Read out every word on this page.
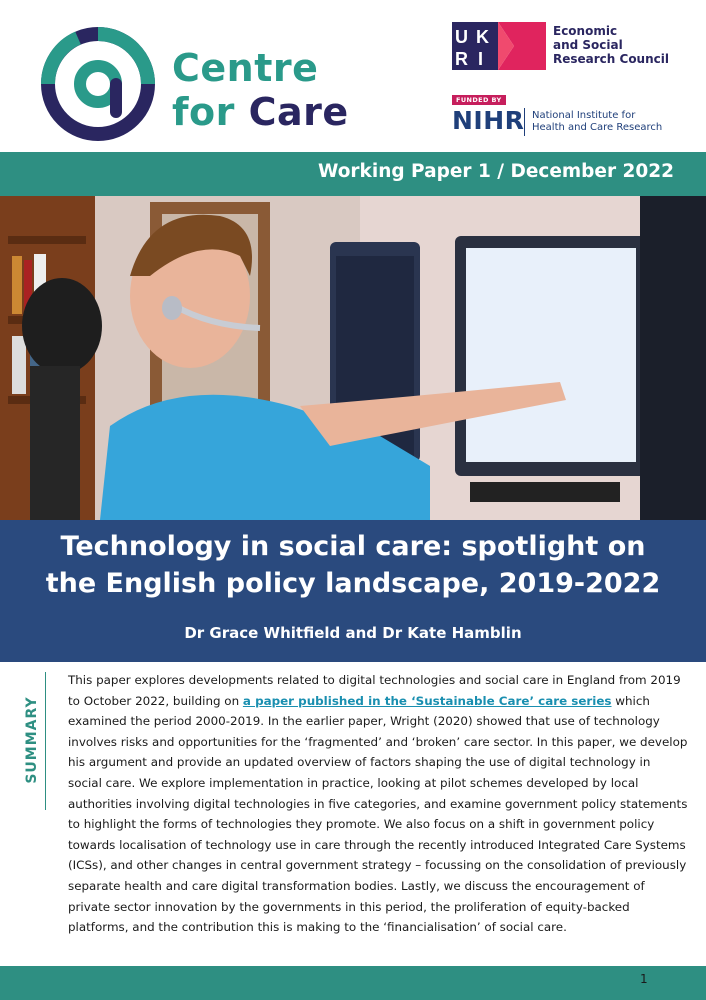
Centre
for Care
U K
R I
Economic
and Social
Research Council
FUNDED BY
NIHR National Institute for
Health and Care Research
Working Paper 1 / December 2022
Technology in social care: spotlight on
the English policy landscape, 2019-2022
Dr Grace Whitfield and Dr Kate Hamblin
SUMMARY
This paper explores developments related to digital technologies and social care in England from 2019 to October 2022, building on a paper published in the ‘Sustainable Care’ care series which examined the period 2000-2019. In the earlier paper, Wright (2020) showed that use of technology involves risks and opportunities for the ‘fragmented’ and ‘broken’ care sector. In this paper, we develop his argument and provide an updated overview of factors shaping the use of digital technology in social care. We explore implementation in practice, looking at pilot schemes developed by local authorities involving digital technologies in five categories, and examine government policy statements to highlight the forms of technologies they promote. We also focus on a shift in government policy towards localisation of technology use in care through the recently introduced Integrated Care Systems (ICSs), and other changes in central government strategy – focussing on the consolidation of previously separate health and care digital transformation bodies. Lastly, we discuss the encouragement of private sector innovation by the governments in this period, the proliferation of equity-backed platforms, and the contribution this is making to the ‘financialisation’ of social care.
1
